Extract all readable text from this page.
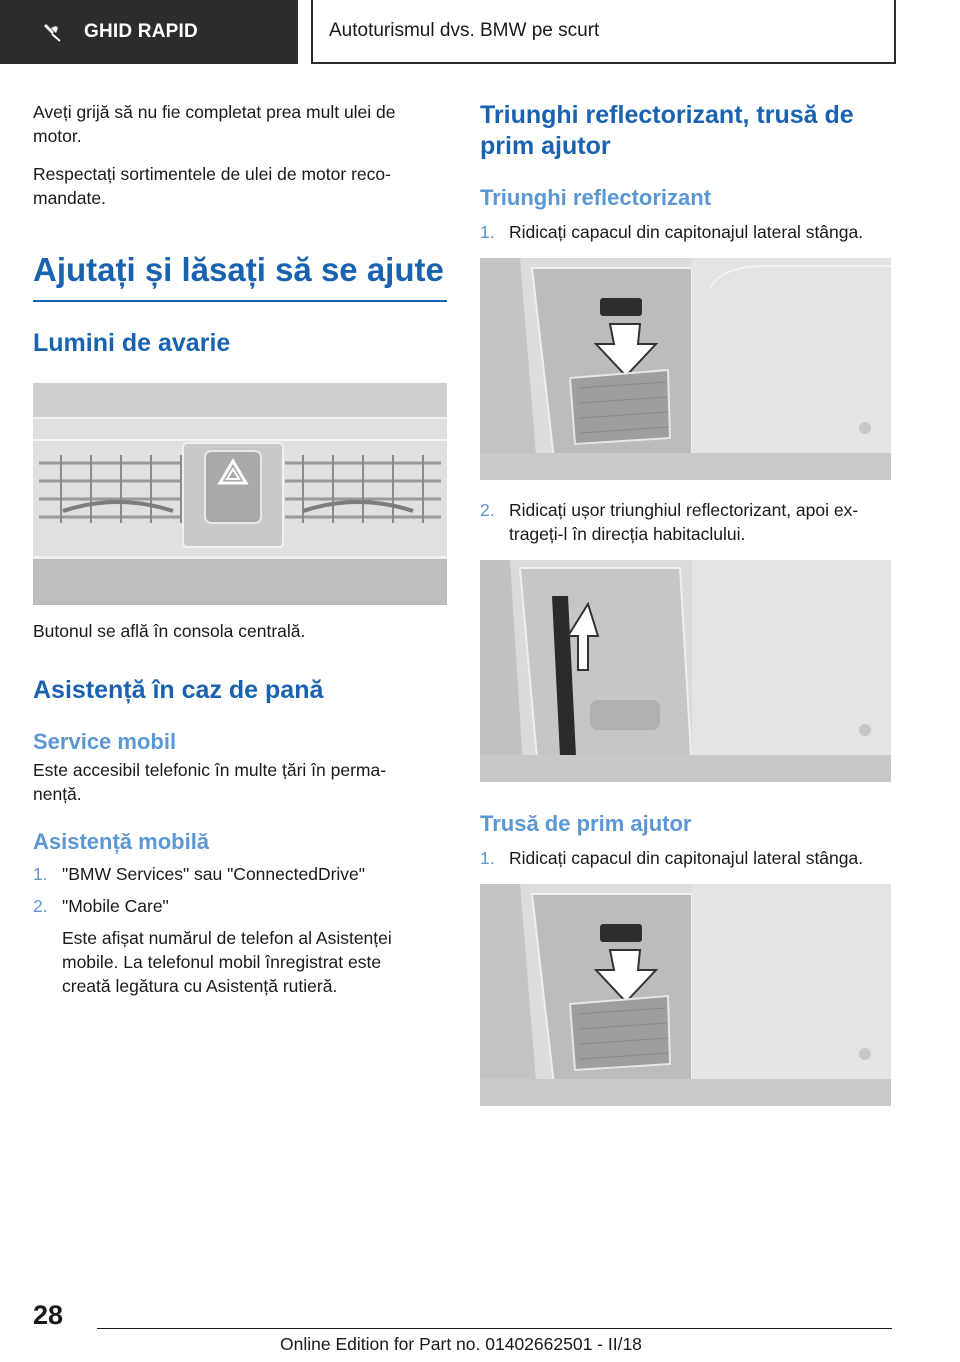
GHID RAPID	Autoturismul dvs. BMW pe scurt

Aveți grijă să nu fie completat prea mult ulei de motor.

Respectați sortimentele de ulei de motor reco-mandate.

Ajutați și lăsați să se ajute
Lumini de avarie

Butonul se află în consola centrală.

Asistență în caz de pană
Service mobil

Este accesibil telefonic în multe țări în perma-nență.

Asistență mobilă
1. "BMW Services" sau "ConnectedDrive"
2. "Mobile Care"

Este afișat numărul de telefon al Asistenței mobile. La telefonul mobil înregistrat este creată legătura cu Asistență rutieră.

Triunghi reflectorizant, trusă de prim ajutor
Triunghi reflectorizant
1. Ridicați capacul din capitonajul lateral stânga.
2. Ridicați ușor triunghiul reflectorizant, apoi ex-trageți-l în direcția habitaclului.
Trusă de prim ajutor
1. Ridicați capacul din capitonajul lateral stânga.
28
Online Edition for Part no. 01402662501 - II/18
